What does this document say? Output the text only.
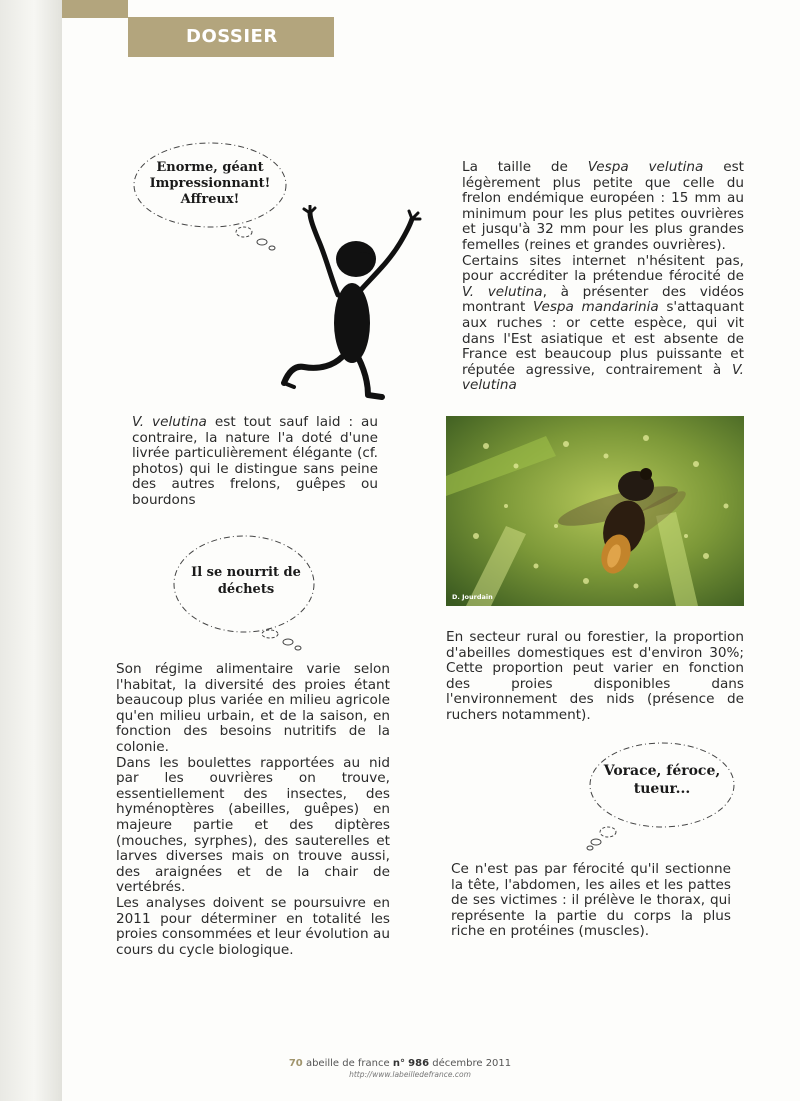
DOSSIER
Enorme, géant
Impressionnant!
Affreux!

La taille de Vespa velutina est légèrement plus petite que celle du frelon endémique européen : 15 mm au minimum pour les plus petites ouvrières et jusqu'à 32 mm pour les plus grandes femelles (reines et grandes ouvrières).

Certains sites internet n'hésitent pas, pour accréditer la prétendue férocité de V. velutina, à présenter des vidéos montrant Vespa mandarinia s'attaquant aux ruches : or cette espèce, qui vit dans l'Est asiatique et est absente de France est beaucoup plus puissante et réputée agressive, contrairement à V. velutina

V. velutina est tout sauf laid : au contraire, la nature l'a doté d'une livrée particulièrement élégante (cf. photos) qui le distingue sans peine des autres frelons, guêpes ou bourdons

D. Jourdain
Il se nourrit de
déchets

En secteur rural ou forestier, la proportion d'abeilles domestiques est d'environ 30%; Cette proportion peut varier en fonction des proies disponibles dans l'environnement des nids (présence de ruchers notamment).

Son régime alimentaire varie selon l'habitat, la diversité des proies étant beaucoup plus variée en milieu agricole qu'en milieu urbain, et de la saison, en fonction des besoins nutritifs de la colonie.

Dans les boulettes rapportées au nid par les ouvrières on trouve, essentiellement des insectes, des hyménoptères (abeilles, guêpes) en majeure partie et des diptères (mouches, syrphes), des sauterelles et larves diverses mais on trouve aussi, des araignées et de la chair de vertébrés.

Les analyses doivent se poursuivre en 2011 pour déterminer en totalité les proies consommées et leur évolution au cours du cycle biologique.

Vorace, féroce,
tueur...

Ce n'est pas par férocité qu'il sectionne la tête, l'abdomen, les ailes et les pattes de ses victimes : il prélève le thorax, qui représente la partie du corps la plus riche en protéines (muscles).

70 abeille de france n° 986 décembre 2011
http://www.labeilledefrance.com
